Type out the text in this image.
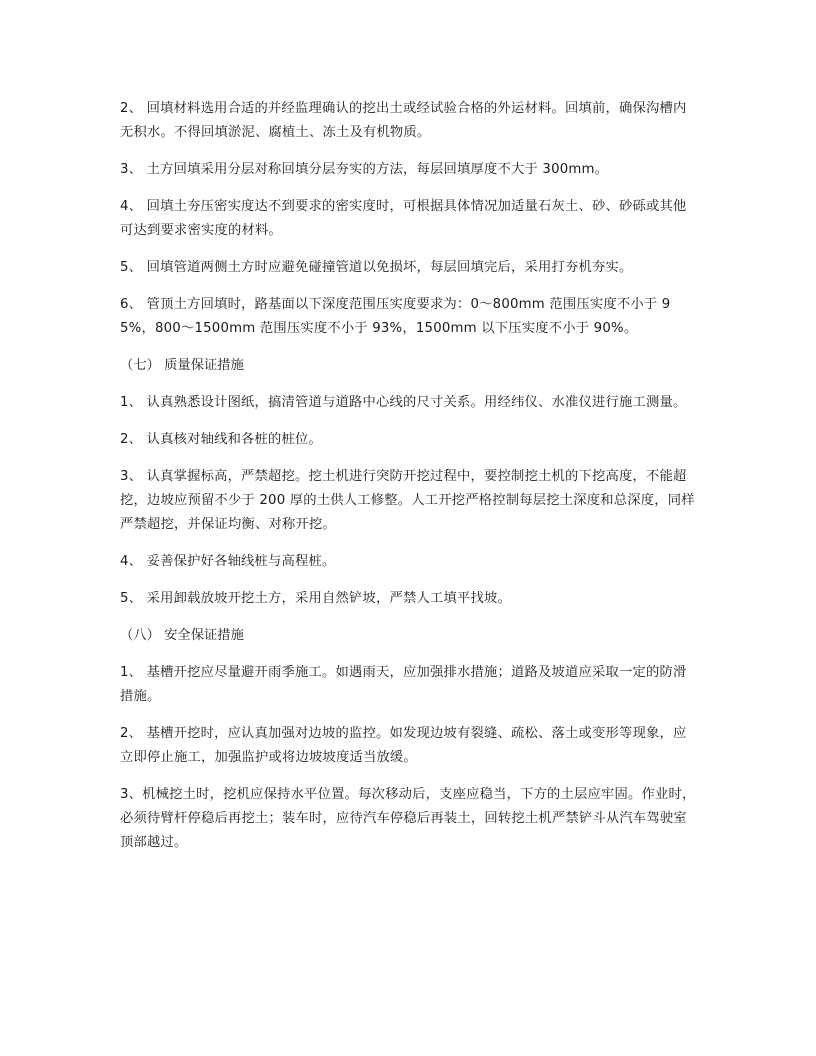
2、 回填材料选用合适的并经监理确认的挖出土或经试验合格的外运材料。回填前，确保沟槽内无积水。不得回填淤泥、腐植土、冻土及有机物质。

3、 土方回填采用分层对称回填分层夯实的方法，每层回填厚度不大于 300mm。

4、 回填土夯压密实度达不到要求的密实度时，可根据具体情况加适量石灰土、砂、砂砾或其他可达到要求密实度的材料。

5、 回填管道两侧土方时应避免碰撞管道以免损坏，每层回填完后，采用打夯机夯实。

6、 管顶土方回填时，路基面以下深度范围压实度要求为：0～800mm 范围压实度不小于 95%，800～1500mm 范围压实度不小于 93%，1500mm 以下压实度不小于 90%。

（七） 质量保证措施

1、 认真熟悉设计图纸，搞清管道与道路中心线的尺寸关系。用经纬仪、水准仪进行施工测量。

2、 认真核对轴线和各桩的桩位。

3、 认真掌握标高，严禁超挖。挖土机进行突防开挖过程中，要控制挖土机的下挖高度，不能超挖，边坡应预留不少于 200 厚的土供人工修整。人工开挖严格控制每层挖土深度和总深度，同样严禁超挖，并保证均衡、对称开挖。

4、 妥善保护好各轴线桩与高程桩。

5、 采用卸载放坡开挖土方，采用自然铲坡，严禁人工填平找坡。

（八） 安全保证措施

1、 基槽开挖应尽量避开雨季施工。如遇雨天，应加强排水措施；道路及坡道应采取一定的防滑措施。

2、 基槽开挖时，应认真加强对边坡的监控。如发现边坡有裂缝、疏松、落土或变形等现象，应立即停止施工，加强监护或将边坡坡度适当放缓。

3、机械挖土时，挖机应保持水平位置。每次移动后，支座应稳当，下方的土层应牢固。作业时，必须待臂杆停稳后再挖土；装车时，应待汽车停稳后再装土，回转挖土机严禁铲斗从汽车驾驶室顶部越过。
